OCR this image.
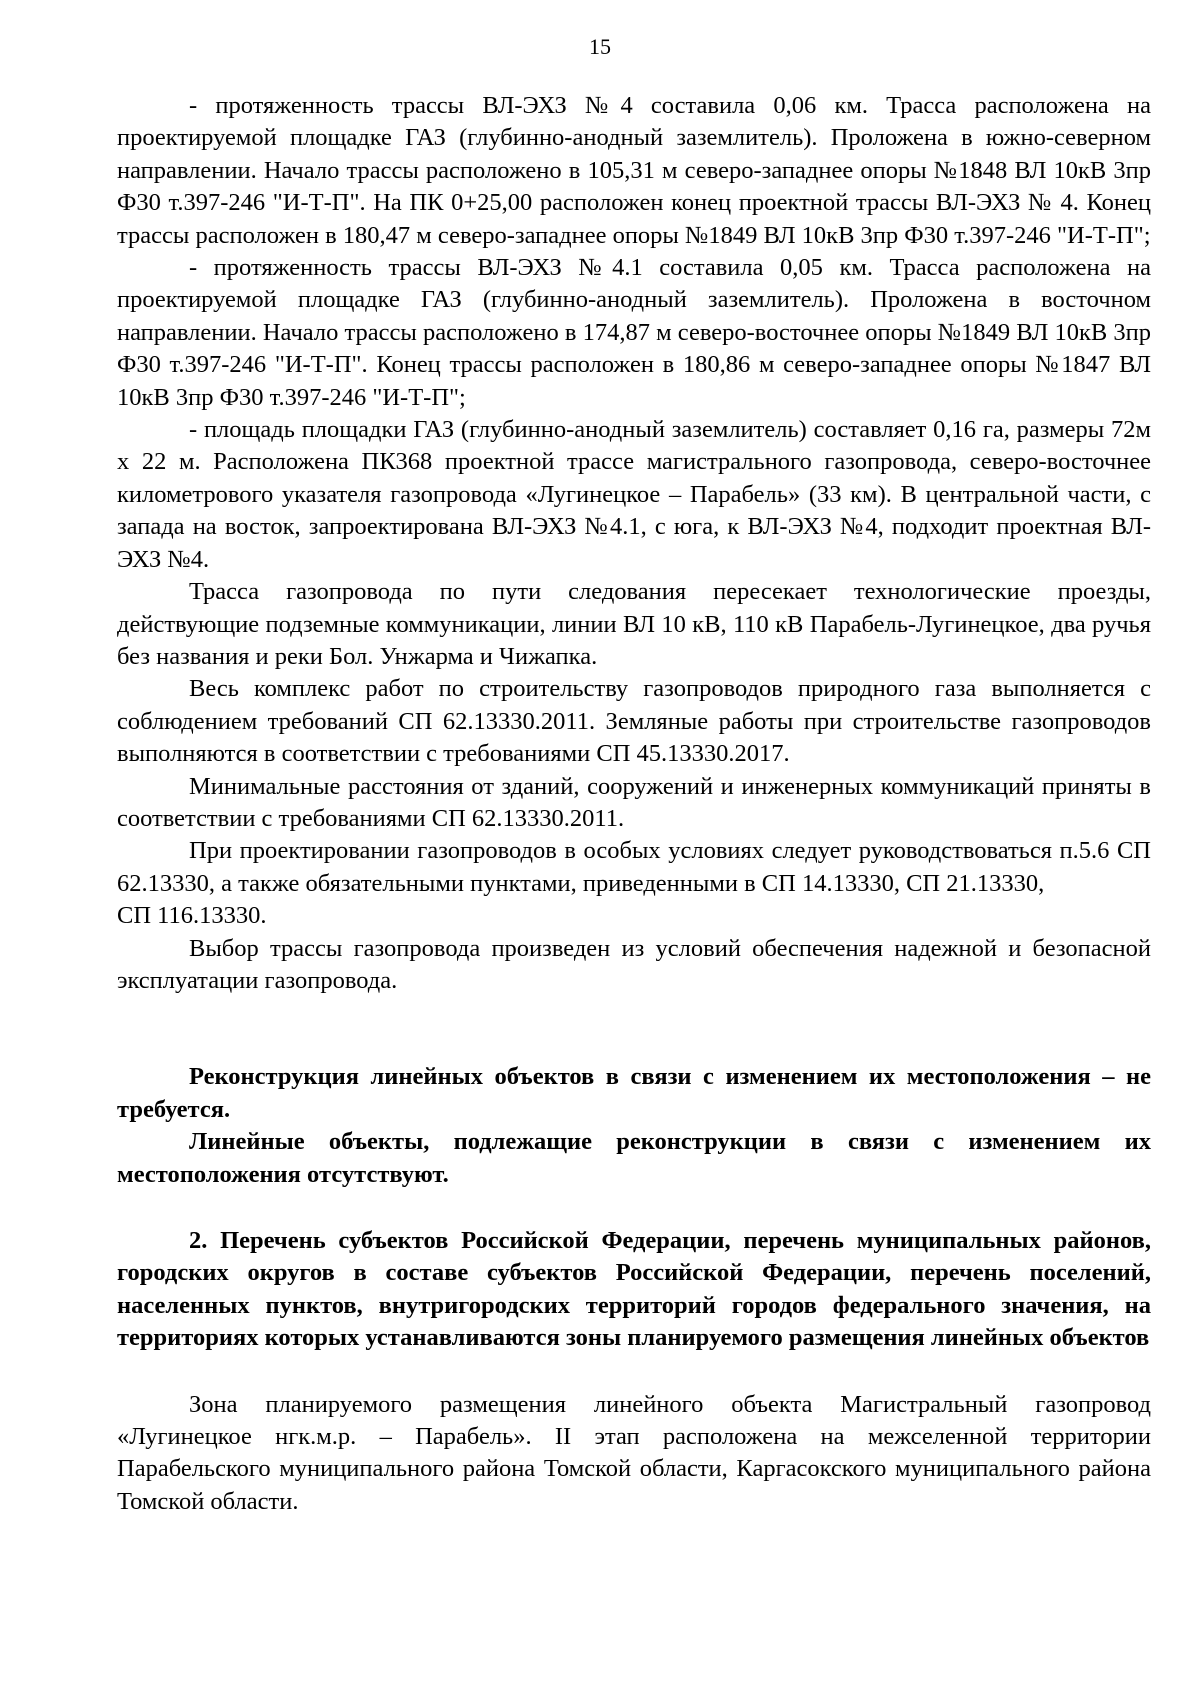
15

- протяженность трассы ВЛ-ЭХЗ №4 составила 0,06 км. Трасса расположена на проектируемой площадке ГАЗ (глубинно-анодный заземлитель). Проложена в южно-северном направлении. Начало трассы расположено в 105,31 м северо-западнее опоры №1848 ВЛ 10кВ 3пр Ф30 т.397-246 "И-Т-П". На ПК 0+25,00 расположен конец проектной трассы ВЛ-ЭХЗ № 4. Конец трассы расположен в 180,47 м северо-западнее опоры №1849 ВЛ 10кВ 3пр Ф30 т.397-246 "И-Т-П";

- протяженность трассы ВЛ-ЭХЗ №4.1 составила 0,05 км. Трасса расположена на проектируемой площадке ГАЗ (глубинно-анодный заземлитель). Проложена в восточном направлении. Начало трассы расположено в 174,87 м северо-восточнее опоры №1849 ВЛ 10кВ 3пр Ф30 т.397-246 "И-Т-П". Конец трассы расположен в 180,86 м северо-западнее опоры №1847 ВЛ 10кВ 3пр Ф30 т.397-246 "И-Т-П";

- площадь площадки ГАЗ (глубинно-анодный заземлитель) составляет 0,16 га, размеры 72м х 22 м. Расположена ПК368 проектной трассе магистрального газопровода, северо-восточнее километрового указателя газопровода «Лугинецкое – Парабель» (33 км). В центральной части, с запада на восток, запроектирована ВЛ-ЭХЗ №4.1, с юга, к ВЛ-ЭХЗ №4, подходит проектная ВЛ-ЭХЗ №4.

Трасса газопровода по пути следования пересекает технологические проезды, действующие подземные коммуникации, линии ВЛ 10 кВ, 110 кВ Парабель-Лугинецкое, два ручья без названия и реки Бол. Унжарма и Чижапка.

Весь комплекс работ по строительству газопроводов природного газа выполняется с соблюдением требований СП 62.13330.2011. Земляные работы при строительстве газопроводов выполняются в соответствии с требованиями СП 45.13330.2017.

Минимальные расстояния от зданий, сооружений и инженерных коммуникаций приняты в соответствии с требованиями СП 62.13330.2011.

При проектировании газопроводов в особых условиях следует руководствоваться п.5.6 СП 62.13330, а также обязательными пунктами, приведенными в СП 14.13330, СП 21.13330,

СП 116.13330.

Выбор трассы газопровода произведен из условий обеспечения надежной и безопасной эксплуатации газопровода.

Реконструкция линейных объектов в связи с изменением их местоположения – не требуется.

Линейные объекты, подлежащие реконструкции в связи с изменением их местоположения отсутствуют.

2. Перечень субъектов Российской Федерации, перечень муниципальных районов, городских округов в составе субъектов Российской Федерации, перечень поселений, населенных пунктов, внутригородских территорий городов федерального значения, на территориях которых устанавливаются зоны планируемого размещения линейных объектов

Зона планируемого размещения линейного объекта Магистральный газопровод «Лугинецкое нгк.м.р. – Парабель». II этап расположена на межселенной территории Парабельского муниципального района Томской области, Каргасокского муниципального района Томской области.
